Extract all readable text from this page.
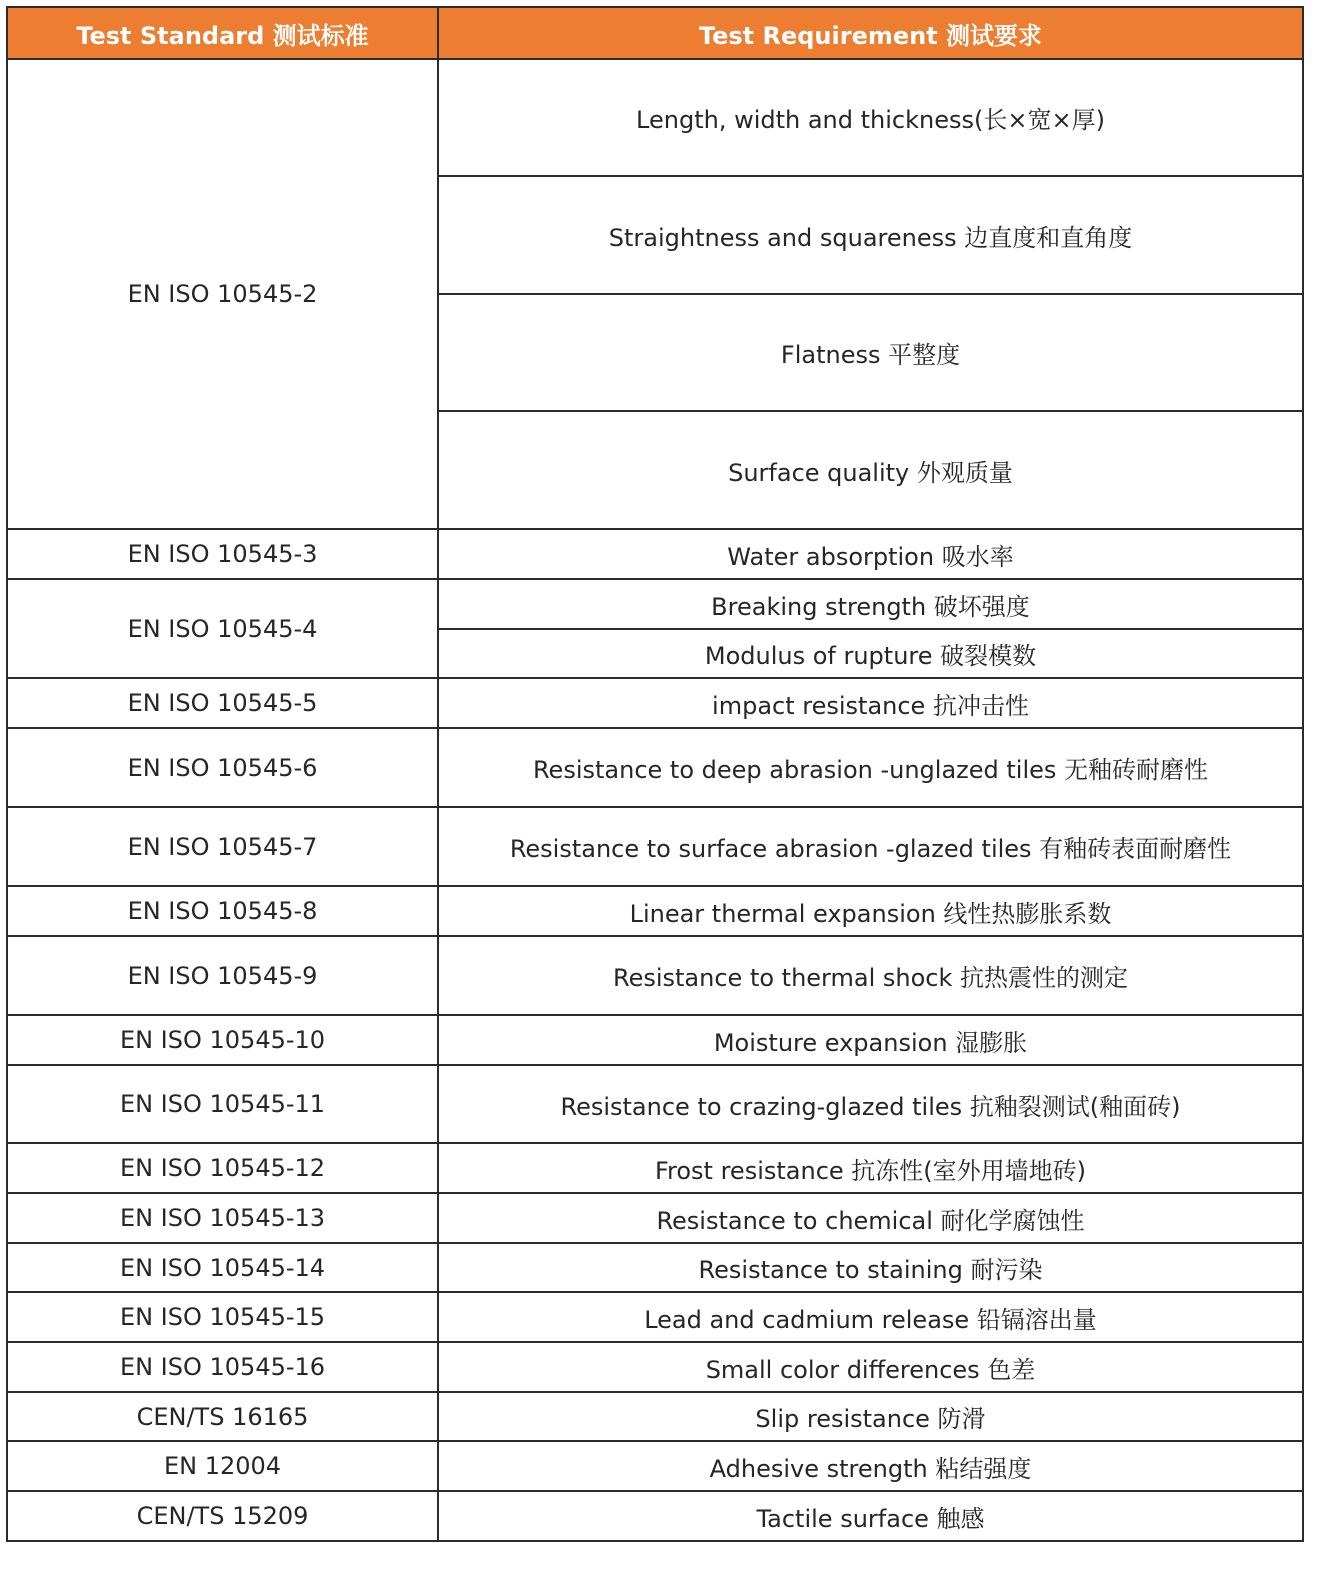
Test Standard 测试标准	Test Requirement 测试要求
EN ISO 10545-2	Length, width and thickness(长×宽×厚)
	Straightness and squareness 边直度和直角度
	Flatness 平整度
	Surface quality 外观质量
EN ISO 10545-3	Water absorption 吸水率
EN ISO 10545-4	Breaking strength 破坏强度
	Modulus of rupture 破裂模数
EN ISO 10545-5	impact resistance 抗冲击性
EN ISO 10545-6	Resistance to deep abrasion -unglazed tiles 无釉砖耐磨性
EN ISO 10545-7	Resistance to surface abrasion -glazed tiles 有釉砖表面耐磨性
EN ISO 10545-8	Linear thermal expansion 线性热膨胀系数
EN ISO 10545-9	Resistance to thermal shock 抗热震性的测定
EN ISO 10545-10	Moisture expansion 湿膨胀
EN ISO 10545-11	Resistance to crazing-glazed tiles 抗釉裂测试(釉面砖)
EN ISO 10545-12	Frost resistance 抗冻性(室外用墙地砖)
EN ISO 10545-13	Resistance to chemical 耐化学腐蚀性
EN ISO 10545-14	Resistance to staining 耐污染
EN ISO 10545-15	Lead and cadmium release 铅镉溶出量
EN ISO 10545-16	Small color differences 色差
CEN/TS 16165	Slip resistance 防滑
EN 12004	Adhesive strength 粘结强度
CEN/TS 15209	Tactile surface 触感
